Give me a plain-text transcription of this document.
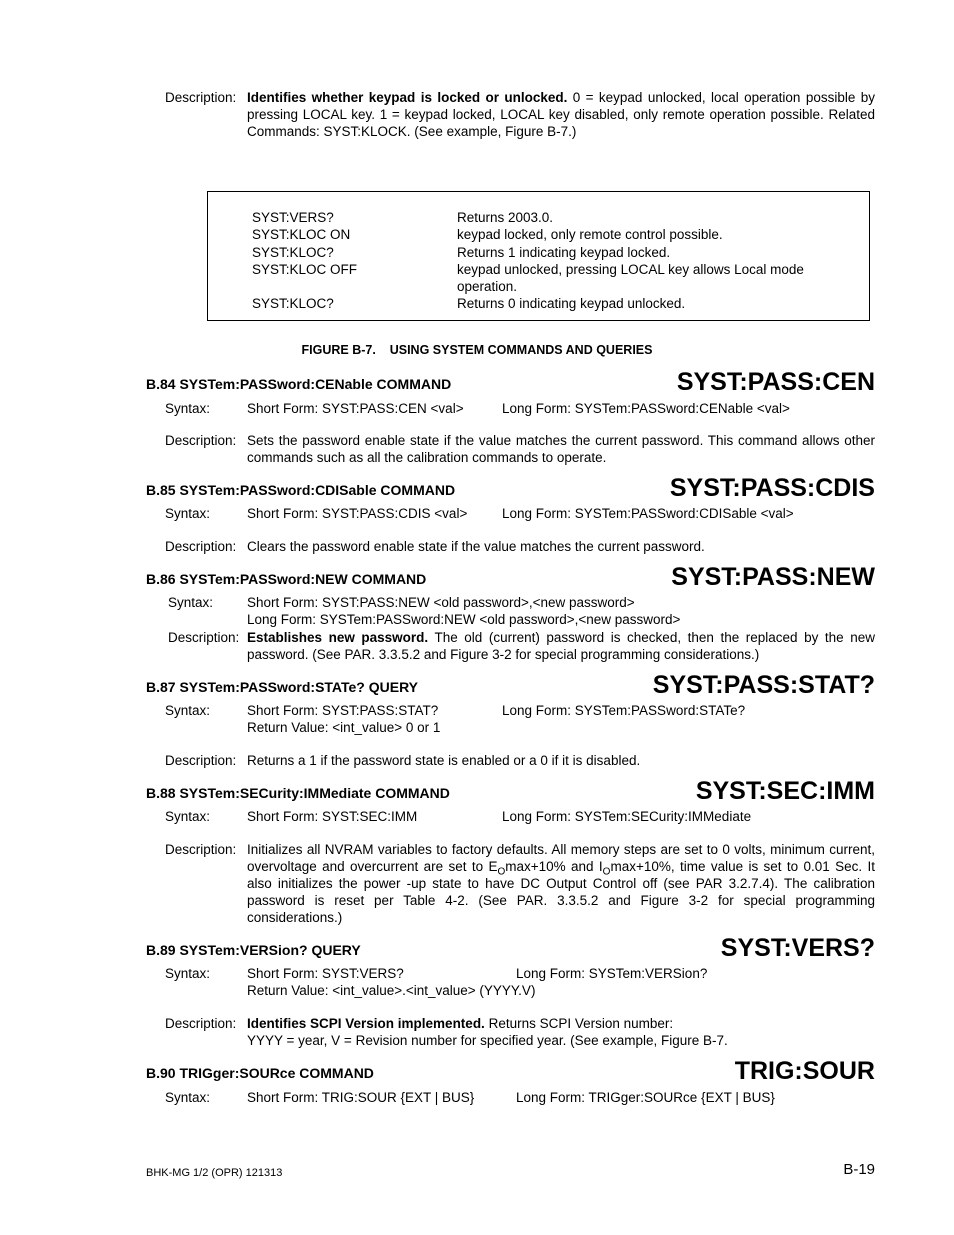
Description: Identifies whether keypad is locked or unlocked. 0 = keypad unlocked, local operation possible by pressing LOCAL key. 1 = keypad locked, LOCAL key disabled, only remote operation possible. Related Commands: SYST:KLOCK. (See example, Figure B-7.)
SYST:VERS?	Returns 2003.0.
SYST:KLOC ON	keypad locked, only remote control possible.
SYST:KLOC?	Returns 1 indicating keypad locked.
SYST:KLOC OFF	keypad unlocked, pressing LOCAL key allows Local mode
operation.
SYST:KLOC?	Returns 0 indicating keypad unlocked.
FIGURE B-7.    USING SYSTEM COMMANDS AND QUERIES
B.84 SYSTem:PASSword:CENable COMMAND	SYST:PASS:CEN
Syntax:	Short Form: SYST:PASS:CEN <val>	Long Form: SYSTem:PASSword:CENable <val>
Description: Sets the password enable state if the value matches the current password. This command allows other commands such as all the calibration commands to operate.
B.85 SYSTem:PASSword:CDISable COMMAND	SYST:PASS:CDIS
Syntax:	Short Form: SYST:PASS:CDIS <val>	Long Form: SYSTem:PASSword:CDISable <val>
Description: Clears the password enable state if the value matches the current password.
B.86 SYSTem:PASSword:NEW COMMAND	SYST:PASS:NEW
Syntax:	Short Form: SYST:PASS:NEW <old password>,<new password>
Long Form: SYSTem:PASSword:NEW <old password>,<new password>
Description: Establishes new password. The old (current) password is checked, then the replaced by the new password. (See PAR. 3.3.5.2 and Figure 3-2 for special programming considerations.)
B.87 SYSTem:PASSword:STATe? QUERY	SYST:PASS:STAT?
Syntax:	Short Form: SYST:PASS:STAT?	Long Form: SYSTem:PASSword:STATe?
Return Value: <int_value> 0 or 1
Description: Returns a 1 if the password state is enabled or a 0 if it is disabled.
B.88 SYSTem:SECurity:IMMediate COMMAND	SYST:SEC:IMM
Syntax:	Short Form: SYST:SEC:IMM	Long Form: SYSTem:SECurity:IMMediate
Description: Initializes all NVRAM variables to factory defaults. All memory steps are set to 0 volts, minimum current, overvoltage and overcurrent are set to $E_O\max+10\%$ and $I_O\max+10\%$, time value is set to 0.01 Sec. It also initializes the power -up state to have DC Output Control off (see PAR 3.2.7.4). The calibration password is reset per Table 4-2. (See PAR. 3.3.5.2 and Figure 3-2 for special programming considerations.)
B.89 SYSTem:VERSion? QUERY	SYST:VERS?
Syntax:	Short Form: SYST:VERS?	Long Form: SYSTem:VERSion?
Return Value: <int_value>.<int_value> (YYYY.V)
Description: Identifies SCPI Version implemented. Returns SCPI Version number:
YYYY = year, V = Revision number for specified year. (See example, Figure B-7.
B.90 TRIGger:SOURce COMMAND	TRIG:SOUR
Syntax:	Short Form: TRIG:SOUR {EXT | BUS}	Long Form: TRIGger:SOURce {EXT | BUS}
BHK-MG 1/2 (OPR) 121313	B-19
